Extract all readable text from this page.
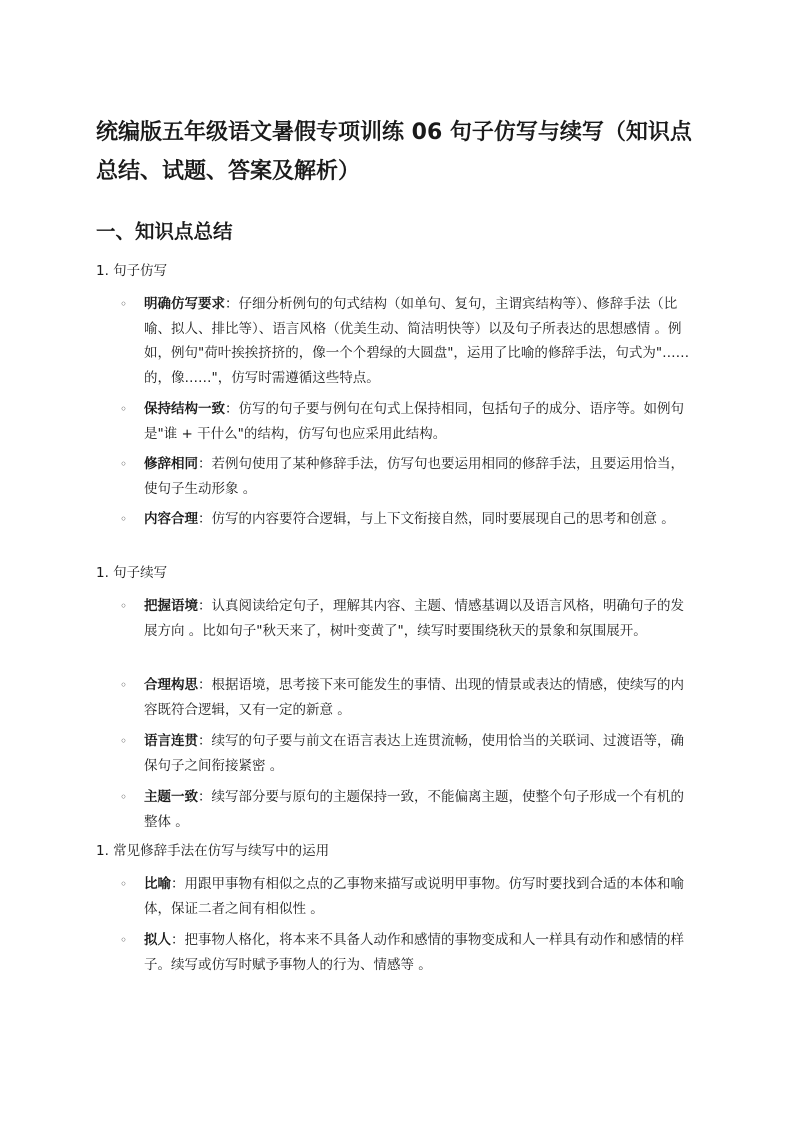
统编版五年级语文暑假专项训练 06 句子仿写与续写（知识点总结、试题、答案及解析）
一、知识点总结

1. 句子仿写

◦ 明确仿写要求：仔细分析例句的句式结构（如单句、复句，主谓宾结构等）、修辞手法（比喻、拟人、排比等）、语言风格（优美生动、简洁明快等）以及句子所表达的思想感情 。例如，例句"荷叶挨挨挤挤的，像一个个碧绿的大圆盘"，运用了比喻的修辞手法，句式为"……的，像……"，仿写时需遵循这些特点。

◦ 保持结构一致：仿写的句子要与例句在句式上保持相同，包括句子的成分、语序等。如例句是"谁 + 干什么"的结构，仿写句也应采用此结构。

◦ 修辞相同：若例句使用了某种修辞手法，仿写句也要运用相同的修辞手法，且要运用恰当，使句子生动形象 。

◦ 内容合理：仿写的内容要符合逻辑，与上下文衔接自然，同时要展现自己的思考和创意 。

1. 句子续写

◦ 把握语境：认真阅读给定句子，理解其内容、主题、情感基调以及语言风格，明确句子的发展方向 。比如句子"秋天来了，树叶变黄了"，续写时要围绕秋天的景象和氛围展开。

◦ 合理构思：根据语境，思考接下来可能发生的事情、出现的情景或表达的情感，使续写的内容既符合逻辑，又有一定的新意 。

◦ 语言连贯：续写的句子要与前文在语言表达上连贯流畅，使用恰当的关联词、过渡语等，确保句子之间衔接紧密 。

◦ 主题一致：续写部分要与原句的主题保持一致，不能偏离主题，使整个句子形成一个有机的整体 。

1. 常见修辞手法在仿写与续写中的运用

◦ 比喻：用跟甲事物有相似之点的乙事物来描写或说明甲事物。仿写时要找到合适的本体和喻体，保证二者之间有相似性 。

◦ 拟人：把事物人格化，将本来不具备人动作和感情的事物变成和人一样具有动作和感情的样子。续写或仿写时赋予事物人的行为、情感等 。
